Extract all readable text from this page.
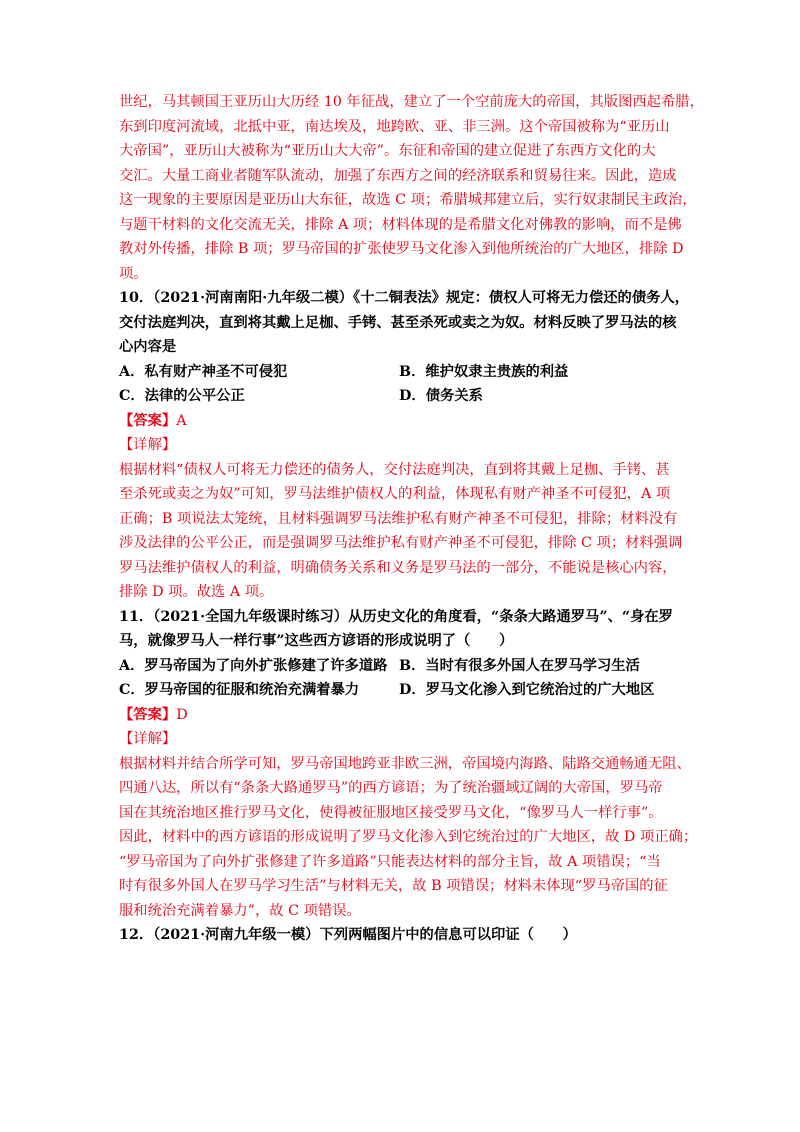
世纪，马其顿国王亚历山大历经 10 年征战，建立了一个空前庞大的帝国，其版图西起希腊，
东到印度河流域，北抵中亚，南达埃及，地跨欧、亚、非三洲。这个帝国被称为“亚历山
大帝国”，亚历山大被称为“亚历山大大帝”。东征和帝国的建立促进了东西方文化的大
交汇。大量工商业者随军队流动，加强了东西方之间的经济联系和贸易往来。因此，造成
这一现象的主要原因是亚历山大东征，故选 C 项；希腊城邦建立后，实行奴隶制民主政治，
与题干材料的文化交流无关，排除 A 项；材料体现的是希腊文化对佛教的影响，而不是佛
教对外传播，排除 B 项；罗马帝国的扩张使罗马文化渗入到他所统治的广大地区，排除 D
项。
10．（2021·河南南阳·九年级二模）《十二铜表法》规定：债权人可将无力偿还的债务人，
交付法庭判决，直到将其戴上足枷、手铐、甚至杀死或卖之为奴。材料反映了罗马法的核
心内容是
A．私有财产神圣不可侵犯	B．维护奴隶主贵族的利益
C．法律的公平公正	D．债务关系
【答案】A
【详解】
根据材料“债权人可将无力偿还的债务人，交付法庭判决，直到将其戴上足枷、手铐、甚
至杀死或卖之为奴”可知，罗马法维护债权人的利益，体现私有财产神圣不可侵犯，A 项
正确；B 项说法太笼统，且材料强调罗马法维护私有财产神圣不可侵犯，排除；材料没有
涉及法律的公平公正，而是强调罗马法维护私有财产神圣不可侵犯，排除 C 项；材料强调
罗马法维护债权人的利益，明确债务关系和义务是罗马法的一部分，不能说是核心内容，
排除 D 项。故选 A 项。
11．（2021·全国九年级课时练习）从历史文化的角度看，“条条大路通罗马”、“身在罗
马，就像罗马人一样行事”这些西方谚语的形成说明了（　　）
A．罗马帝国为了向外扩张修建了许多道路 B．当时有很多外国人在罗马学习生活
C．罗马帝国的征服和统治充满着暴力	D．罗马文化渗入到它统治过的广大地区
【答案】D
【详解】
根据材料并结合所学可知，罗马帝国地跨亚非欧三洲，帝国境内海路、陆路交通畅通无阻、
四通八达，所以有“条条大路通罗马”的西方谚语；为了统治疆域辽阔的大帝国，罗马帝
国在其统治地区推行罗马文化，使得被征服地区接受罗马文化，“像罗马人一样行事”。
因此，材料中的西方谚语的形成说明了罗马文化渗入到它统治过的广大地区，故 D 项正确；
“罗马帝国为了向外扩张修建了许多道路”只能表达材料的部分主旨，故 A 项错误；“当
时有很多外国人在罗马学习生活”与材料无关，故 B 项错误；材料未体现“罗马帝国的征
服和统治充满着暴力”，故 C 项错误。
12．（2021·河南九年级一模）下列两幅图片中的信息可以印证（　　）
